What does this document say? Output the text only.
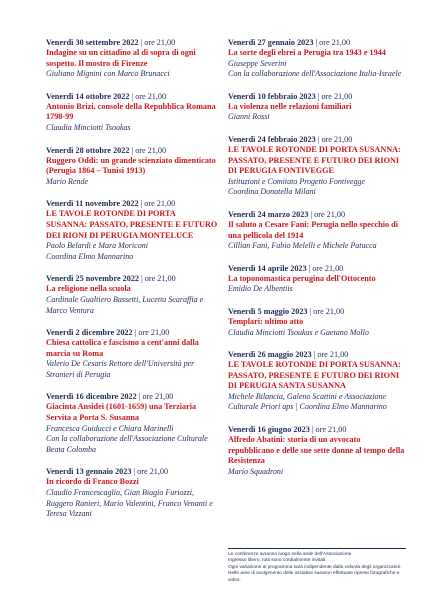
Venerdì 30 settembre 2022 | ore 21,00
Indagine su un cittadino al di sopra di ogni sospetto. Il mostro di Firenze
Giuliano Mignini con Marco Brunacci
Venerdì 14 ottobre 2022 | ore 21,00
Antonio Brizi, console della Repubblica Romana 1798-99
Claudia Minciotti Tsoukas
Venerdì 28 ottobre 2022 | ore 21,00
Ruggero Oddi: un grande scienziato dimenticato (Perugia 1864 – Tunisi 1913)
Mario Rende
Venerdì 11 novembre 2022 | ore 21,00
LE TAVOLE ROTONDE DI PORTA SUSANNA: PASSATO, PRESENTE E FUTURO DEI RIONI DI PERUGIA MONTELUCE
Paolo Belardi e Mara Moriconi
Coordina Elmo Mannarino
Venerdì 25 novembre 2022 | ore 21,00
La religione nella scuola
Cardinale Gualtiero Bassetti, Lucetta Scaraffia e Marco Ventura
Venerdì 2 dicembre 2022 | ore 21,00
Chiesa cattolica e fascismo a cent'anni dalla marcia su Roma
Valerio De Cesaris Rettore dell'Università per Stranieri di Perugia
Venerdì 16 dicembre 2022 | ore 21,00
Giacinta Ansidei (1601-1659) una Terziaria Servita a Porta S. Susanna
Francesca Guiducci e Chiara Marinelli
Con la collaborazione dell'Associazione Culturale Beata Colomba
Venerdì 13 gennaio 2023 | ore 21,00
In ricordo di Franco Bozzi
Claudio Francescaglia, Gian Biagio Furiozzi, Ruggero Ranieri, Mario Valentini, Franco Venanti e Teresa Vizzani
Venerdì 27 gennaio 2023 | ore 21,00
La sorte degli ebrei a Perugia tra 1943 e 1944
Giuseppe Severini
Con la collaborazione dell'Associazione Italia-Israele
Venerdì 10 febbraio 2023 | ore 21,00
La violenza nelle relazioni familiari
Gianni Rossi
Venerdì 24 febbraio 2023 | ore 21,00
LE TAVOLE ROTONDE DI PORTA SUSANNA: PASSATO, PRESENTE E FUTURO DEI RIONI DI PERUGIA FONTIVEGGE
Istituzioni e Comitato Progetto Fontivegge
Coordina Donatella Milani
Venerdì 24 marzo 2023 | ore 21,00
Il saluto a Cesare Fani: Perugia nello specchio di una pellicola del 1914
Cillian Fani, Fabio Melelli e Michele Patucca
Venerdì 14 aprile 2023 | ore 21,00
La toponomastica perugina dell'Ottocento
Emidio De Albentiis
Venerdì 5 maggio 2023 | ore 21,00
Templari: ultimo atto
Claudia Minciotti Tsoukas e Gaetano Mollo
Venerdì 26 maggio 2023 | ore 21,00
LE TAVOLE ROTONDE DI PORTA SUSANNA: PASSATO, PRESENTE E FUTURO DEI RIONI DI PERUGIA SANTA SUSANNA
Michele Bilancia, Galeno Scattini e Associazione Culturale Priori aps | Coordina Elmo Mannarino
Venerdì 16 giugno 2023 | ore 21,00
Alfredo Abatini: storia di un avvocato repubblicano e delle sue sette donne al tempo della Resistenza
Mario Squadroni
Le conferenze avranno luogo nella sede dell'Associazione.
Ingresso libero, tutti sono cordialmente invitati.
Ogni variazione al programma sarà indipendente dalla volontà degli organizzatori. Nelle aree di svolgimento delle iniziative saranno effettuate riprese fotografiche e video.
